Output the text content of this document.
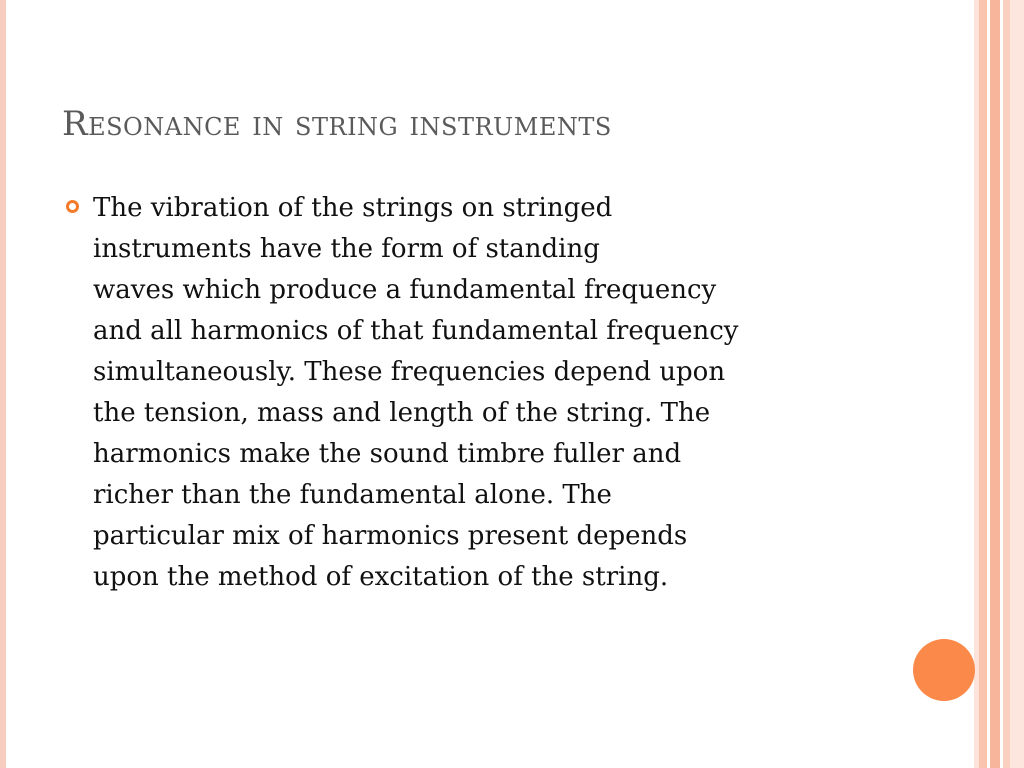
Resonance in string instruments
The vibration of the strings on stringed
instruments have the form of standing
waves which produce a fundamental frequency
and all harmonics of that fundamental frequency
simultaneously. These frequencies depend upon
the tension, mass and length of the string. The
harmonics make the sound timbre fuller and
richer than the fundamental alone. The
particular mix of harmonics present depends
upon the method of excitation of the string.
